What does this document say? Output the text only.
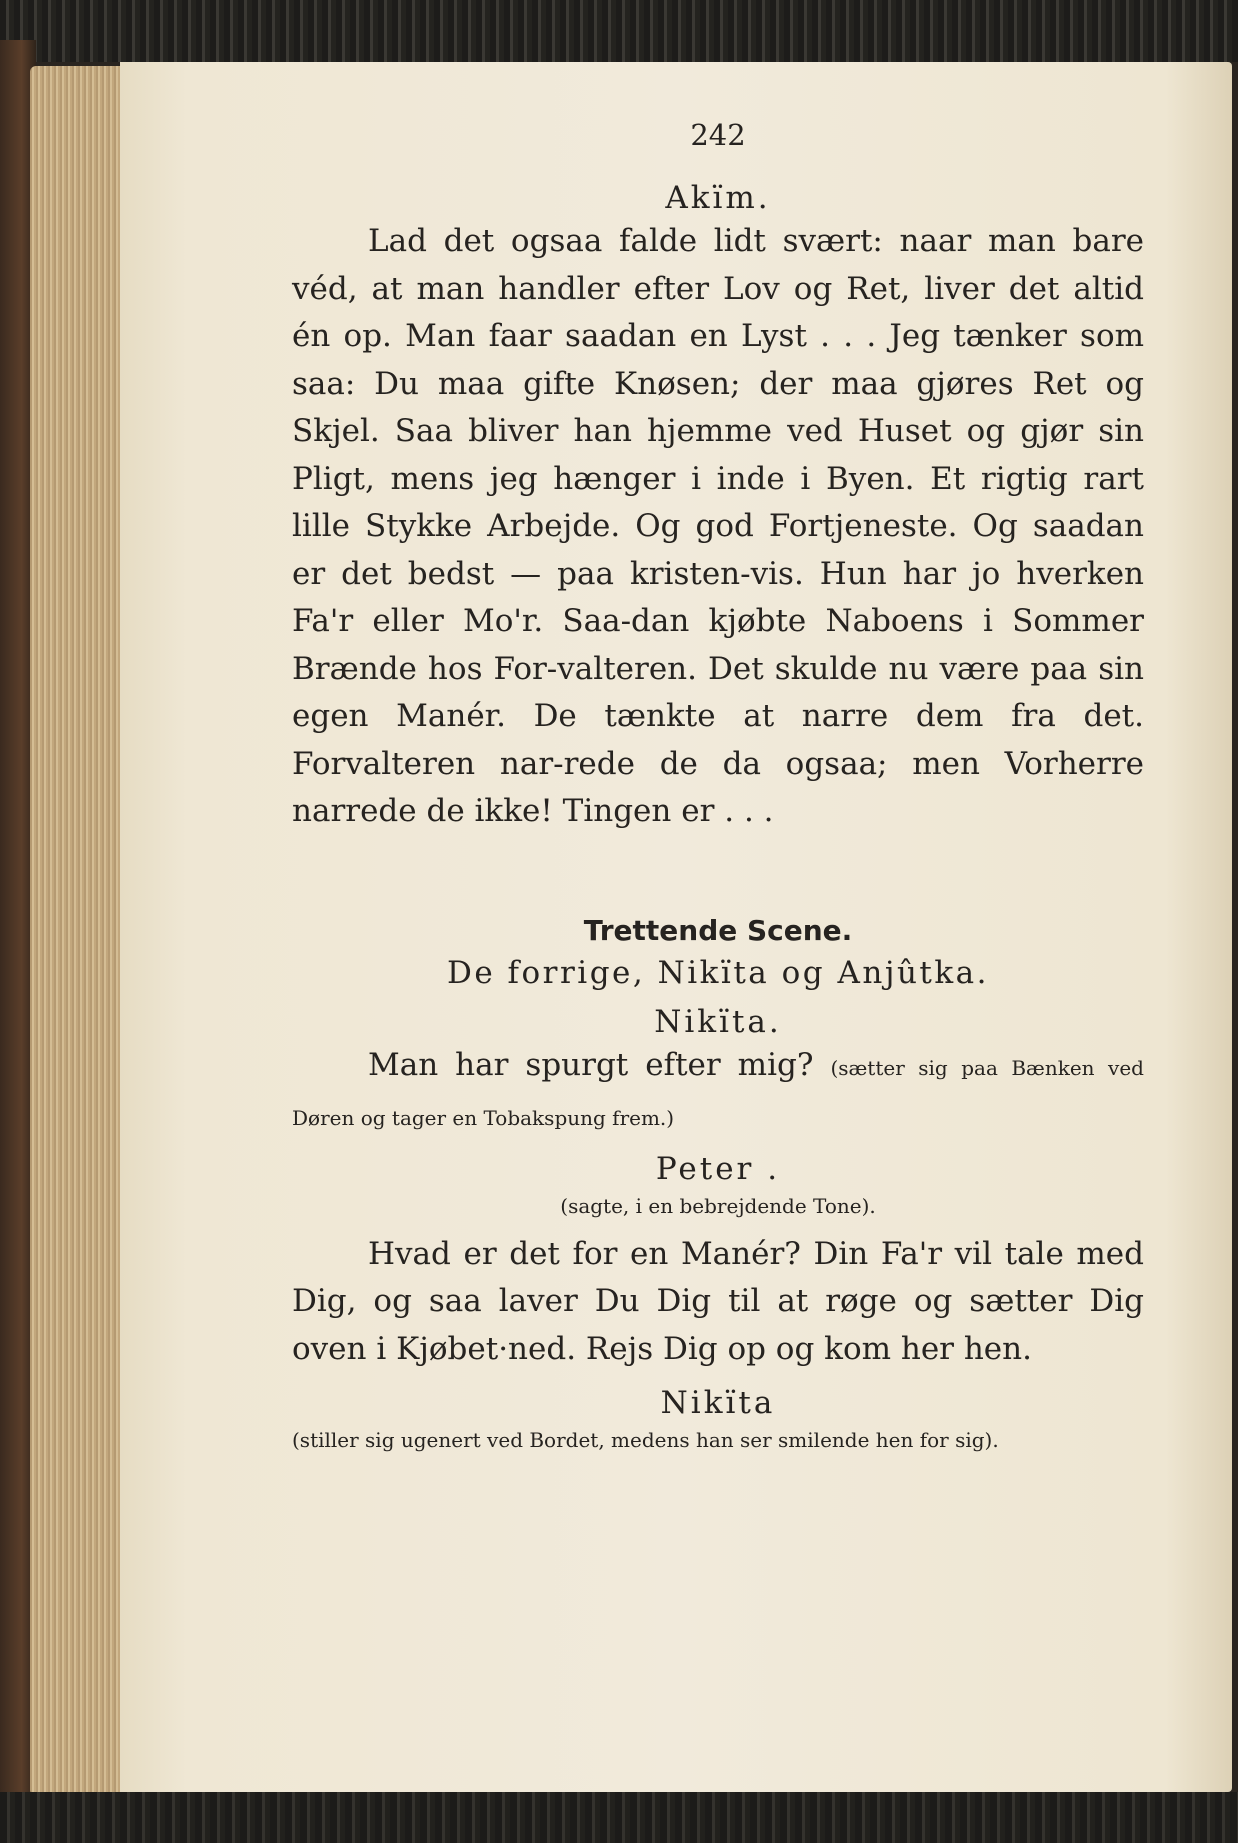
242
Akïm.
Lad det ogsaa falde lidt svært: naar man bare véd, at man handler efter Lov og Ret, liver det altid én op. Man faar saadan en Lyst . . . Jeg tænker som saa: Du maa gifte Knøsen; der maa gjøres Ret og Skjel. Saa bliver han hjemme ved Huset og gjør sin Pligt, mens jeg hænger i inde i Byen. Et rigtig rart lille Stykke Arbejde. Og god Fortjeneste. Og saadan er det bedst — paa kristen-vis. Hun har jo hverken Fa'r eller Mo'r. Saa-dan kjøbte Naboens i Sommer Brænde hos For-valteren. Det skulde nu være paa sin egen Manér. De tænkte at narre dem fra det. Forvalteren nar-rede de da ogsaa; men Vorherre narrede de ikke! Tingen er . . .
Trettende Scene.
De forrige, Nikïta og Anjûtka.
Nikïta.
Man har spurgt efter mig? (sætter sig paa Bænken ved Døren og tager en Tobakspung frem.)
Peter .
(sagte, i en bebrejdende Tone).
Hvad er det for en Manér? Din Fa'r vil tale med Dig, og saa laver Du Dig til at røge og sætter Dig oven i Kjøbet·ned. Rejs Dig op og kom her hen.
Nikïta
(stiller sig ugenert ved Bordet, medens han ser smilende hen for sig).
